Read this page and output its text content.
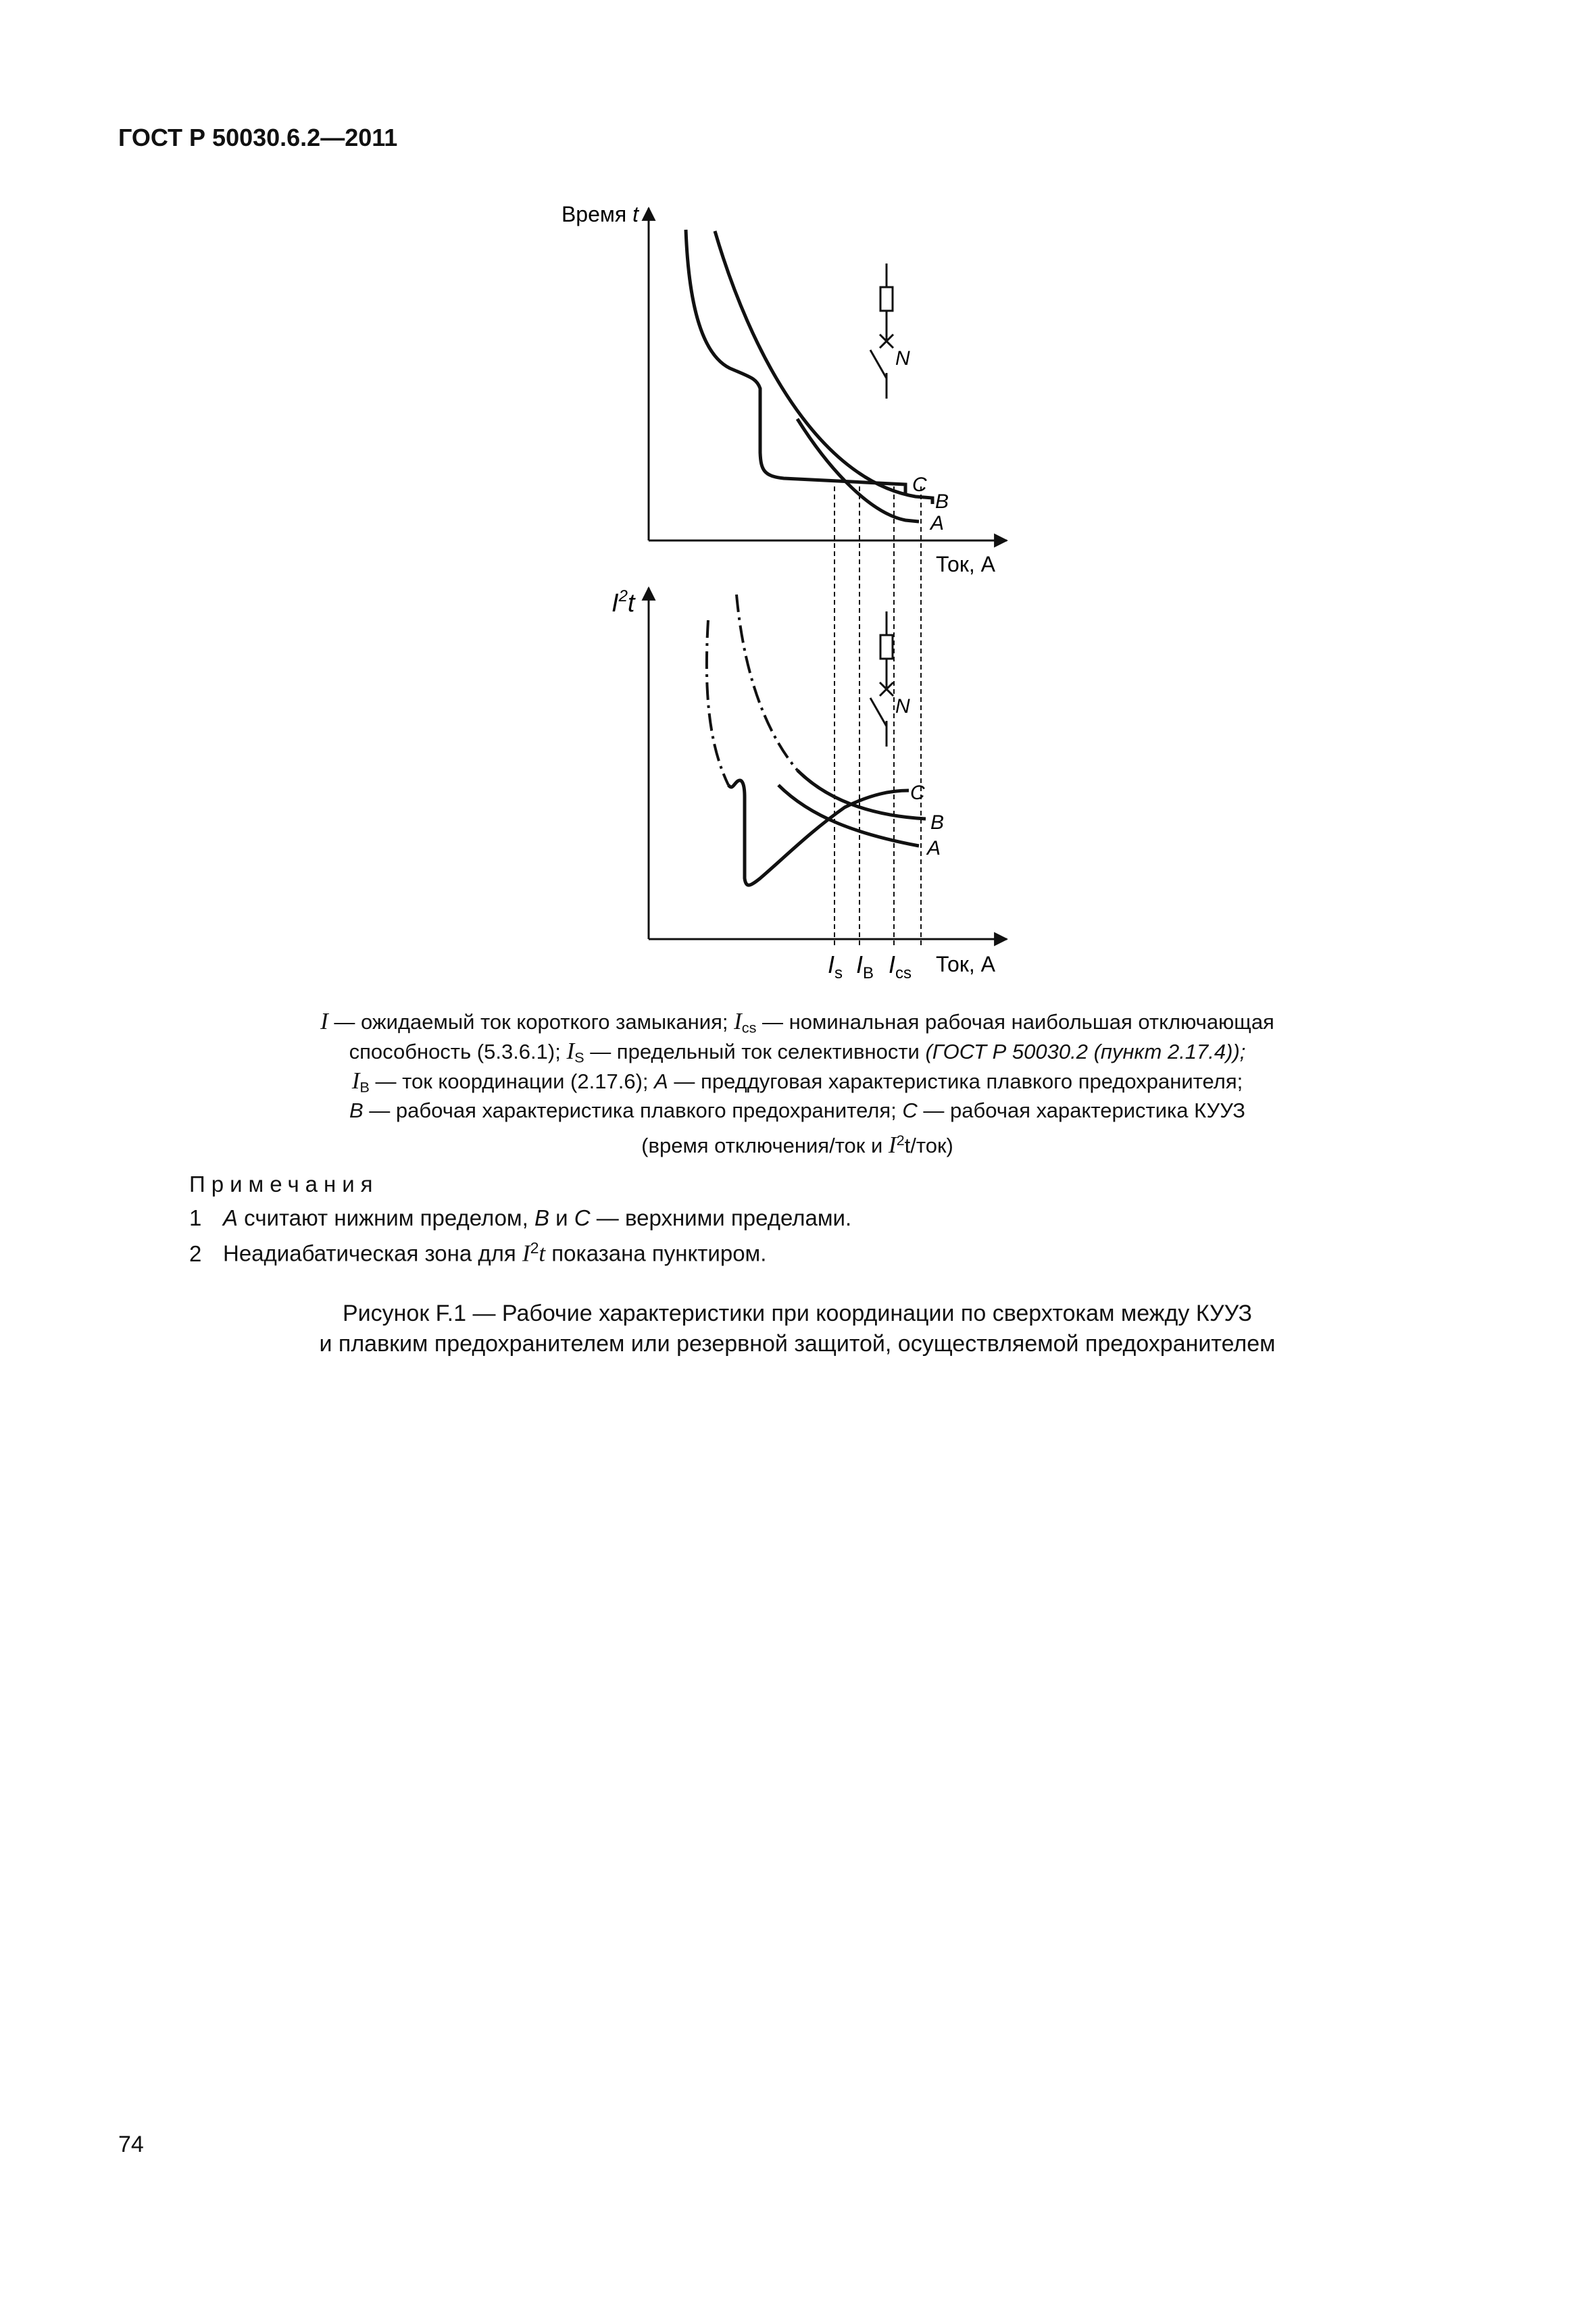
ГОСТ Р 50030.6.2—2011
Время t
Ток, А
C
B
A
N
$I^2t$
Ток, А
C
B
A
N
$I_s$ $I_B$ $I_{cs}$
I — ожидаемый ток короткого замыкания; $I_{cs}$ — номинальная рабочая наибольшая отключающая
способность (5.3.6.1); $I_S$ — предельный ток селективности (ГОСТ Р 50030.2 (пункт 2.17.4));
$I_B$ — ток координации (2.17.6); A — преддуговая характеристика плавкого предохранителя;
B — рабочая характеристика плавкого предохранителя; C — рабочая характеристика КУУЗ
(время отключения/ток и $I^2t/ток$)
Примечания
1 A считают нижним пределом, B и C — верхними пределами.
2 Неадиабатическая зона для $I^2t$ показана пунктиром.
Рисунок F.1 — Рабочие характеристики при координации по сверхтокам между КУУЗ
и плавким предохранителем или резервной защитой, осуществляемой предохранителем
74
